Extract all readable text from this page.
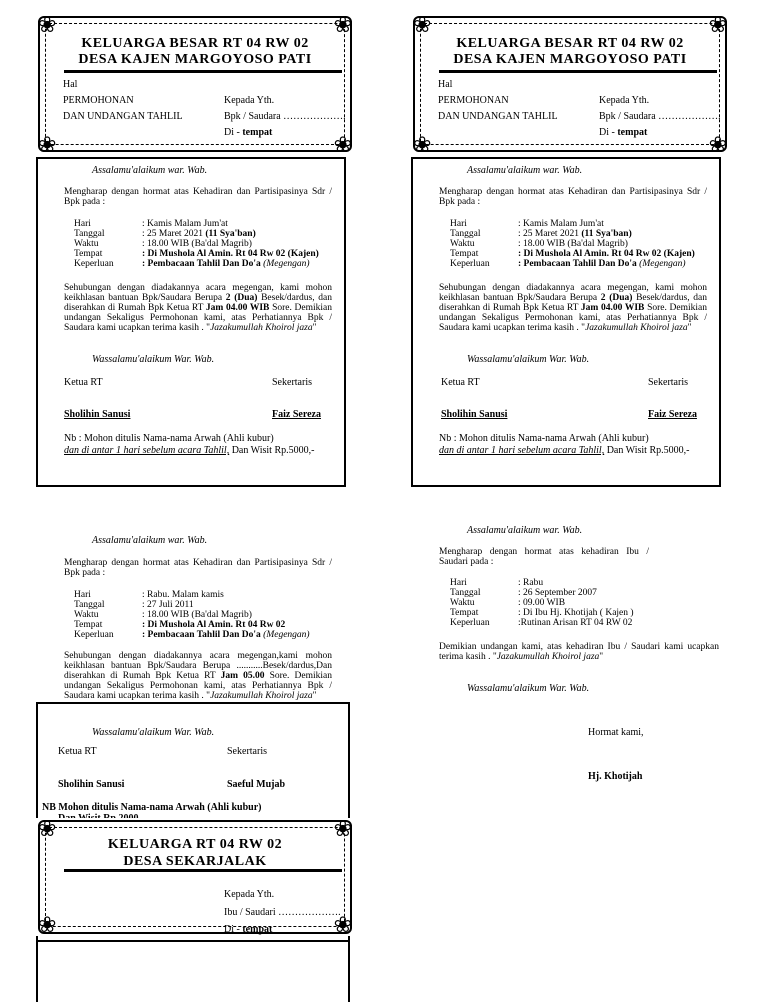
❀	❀
❀	❀
KELUARGA BESAR RT 04 RW 02
DESA KAJEN MARGOYOSO PATI
Hal
PERMOHONAN
DAN UNDANGAN TAHLIL
Kepada Yth.
Bpk / Saudara ……………….
Di - tempat
Assalamu'alaikum war. Wab.
Mengharap dengan hormat atas Kehadiran dan Partisipasinya Sdr / Bpk pada :
Hari	: Kamis Malam Jum'at
Tanggal	: 25 Maret 2021 (11 Sya'ban)
Waktu	: 18.00 WIB (Ba'dal Magrib)
Tempat	: Di Mushola Al Amin. Rt 04 Rw 02 (Kajen)
Keperluan	: Pembacaan Tahlil Dan Do'a (Megengan)
Sehubungan dengan diadakannya acara megengan, kami mohon keikhlasan bantuan Bpk/Saudara Berupa 2 (Dua) Besek/dardus, dan diserahkan di Rumah Bpk Ketua RT Jam 04.00 WIB Sore. Demikian undangan Sekaligus Permohonan kami, atas Perhatiannya Bpk / Saudara kami ucapkan terima kasih . "Jazakumullah Khoirol jaza"
Wassalamu'alaikum War. Wab.
Ketua RT	Sekertaris
Sholihin Sanusi	Faiz Sereza
Nb : Mohon ditulis Nama-nama Arwah (Ahli kubur)
dan di antar 1 hari sebelum acara Tahlil, Dan Wisit Rp.5000,-
❀	❀
❀	❀
KELUARGA BESAR RT 04 RW 02
DESA KAJEN MARGOYOSO PATI
Hal
PERMOHONAN
DAN UNDANGAN TAHLIL
Kepada Yth.
Bpk / Saudara ……………….
Di - tempat
Assalamu'alaikum war. Wab.
Mengharap dengan hormat atas Kehadiran dan Partisipasinya Sdr / Bpk pada :
Hari	: Kamis Malam Jum'at
Tanggal	: 25 Maret 2021 (11 Sya'ban)
Waktu	: 18.00 WIB (Ba'dal Magrib)
Tempat	: Di Mushola Al Amin. Rt 04 Rw 02 (Kajen)
Keperluan	: Pembacaan Tahlil Dan Do'a (Megengan)
Sehubungan dengan diadakannya acara megengan, kami mohon keikhlasan bantuan Bpk/Saudara Berupa 2 (Dua) Besek/dardus, dan diserahkan di Rumah Bpk Ketua RT Jam 04.00 WIB Sore. Demikian undangan Sekaligus Permohonan kami, atas Perhatiannya Bpk / Saudara kami ucapkan terima kasih . "Jazakumullah Khoirol jaza"
Wassalamu'alaikum War. Wab.
Ketua RT	Sekertaris
Sholihin Sanusi	Faiz Sereza
Nb : Mohon ditulis Nama-nama Arwah (Ahli kubur)
dan di antar 1 hari sebelum acara Tahlil, Dan Wisit Rp.5000,-
Assalamu'alaikum war. Wab.
Mengharap dengan hormat atas Kehadiran dan Partisipasinya Sdr / Bpk pada :
Hari	: Rabu. Malam kamis
Tanggal	: 27 Juli 2011
Waktu	: 18.00 WIB (Ba'dal Magrib)
Tempat	: Di Mushola Al Amin. Rt 04 Rw 02
Keperluan	: Pembacaan Tahlil Dan Do'a (Megengan)
Sehubungan dengan diadakannya acara megengan,kami mohon keikhlasan bantuan Bpk/Saudara Berupa ...........Besek/dardus,Dan diserahkan di Rumah Bpk Ketua RT Jam 05.00 Sore. Demikian undangan Sekaligus Permohonan kami, atas Perhatiannya Bpk / Saudara kami ucapkan terima kasih . "Jazakumullah Khoirol jaza"
Wassalamu'alaikum War. Wab.
Ketua RT	Sekertaris
Sholihin Sanusi	Saeful Mujab
NB Mohon ditulis Nama-nama Arwah (Ahli kubur)
❀	❀
❀	❀
KELUARGA RT 04 RW 02
DESA SEKARJALAK
Kepada Yth.
Ibu / Saudari ……………….
Di - tempat
Assalamu'alaikum war. Wab.
Mengharap dengan hormat atas kehadiran Ibu / Saudari pada :
Hari	: Rabu
Tanggal	: 26 September 2007
Waktu	: 09.00 WIB
Tempat	: Di Ibu Hj. Khotijah ( Kajen )
Keperluan	:Rutinan Arisan RT 04 RW 02
Demikian undangan kami, atas kehadiran Ibu / Saudari kami ucapkan terima kasih . "Jazakumullah Khoirol jaza"
Wassalamu'alaikum War. Wab.
Hormat kami,
Hj. Khotijah
